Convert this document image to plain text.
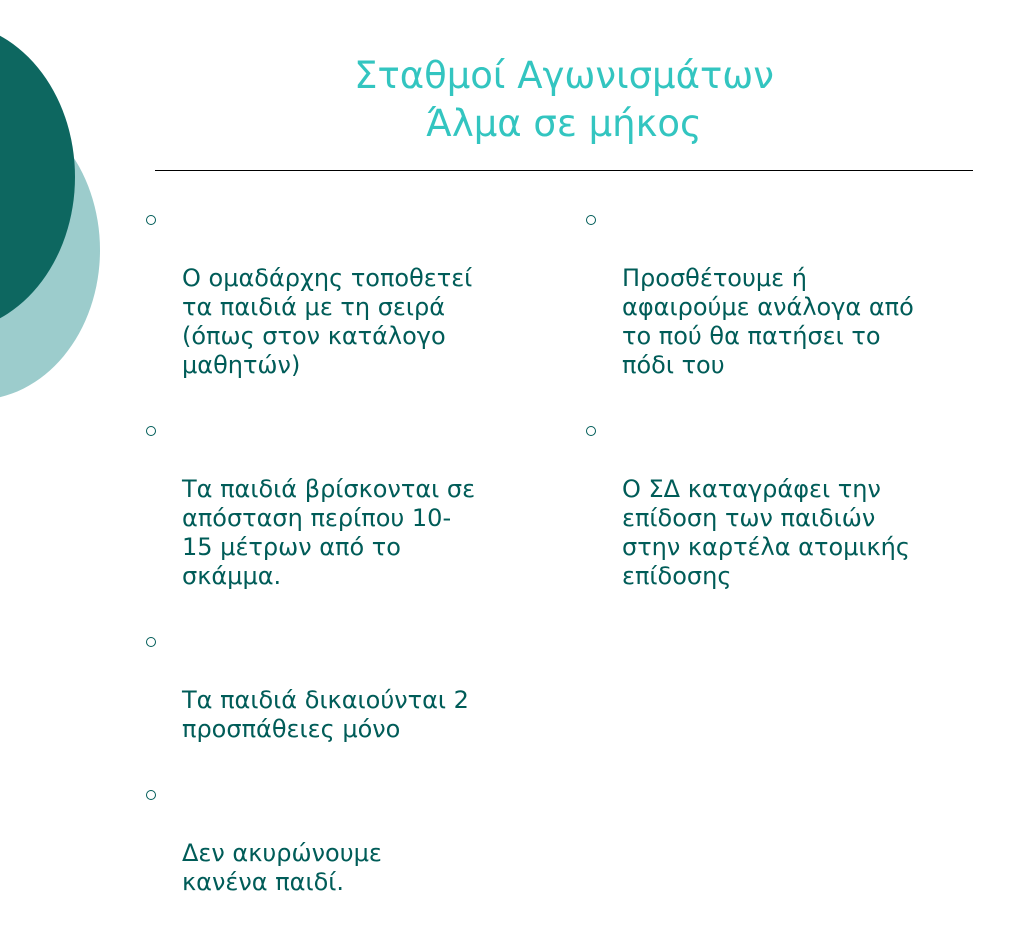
Σταθμοί Αγωνισμάτων
Άλμα σε μήκος

Ο ομαδάρχης τοποθετεί
τα παιδιά με τη σειρά
(όπως στον κατάλογο
μαθητών)

Τα παιδιά βρίσκονται σε
απόσταση περίπου 10-
15 μέτρων από το
σκάμμα.

Τα παιδιά δικαιούνται 2
προσπάθειες μόνο

Δεν ακυρώνουμε
κανένα παιδί.

Προσθέτουμε ή
αφαιρούμε ανάλογα από
το πού θα πατήσει το
πόδι του

Ο ΣΔ καταγράφει την
επίδοση των παιδιών
στην καρτέλα ατομικής
επίδοσης
